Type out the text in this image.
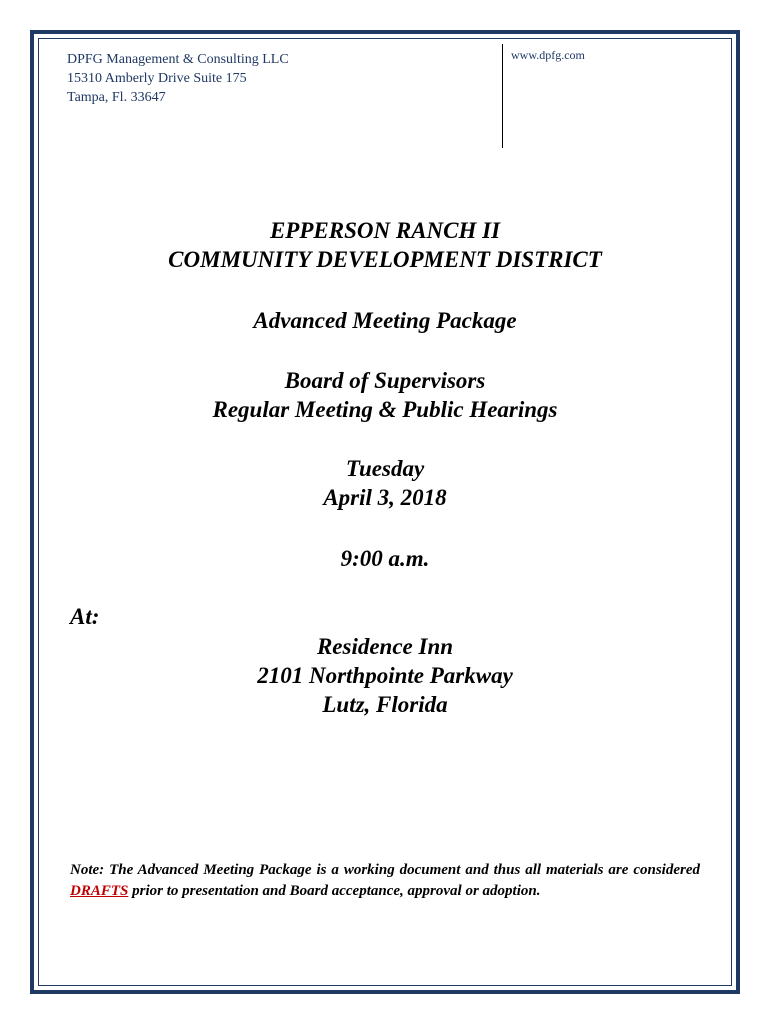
DPFG Management & Consulting LLC
15310 Amberly Drive Suite 175
Tampa, Fl. 33647
www.dpfg.com
EPPERSON RANCH II
COMMUNITY DEVELOPMENT DISTRICT
Advanced Meeting Package
Board of Supervisors
Regular Meeting & Public Hearings
Tuesday
April 3, 2018
9:00 a.m.
At:
Residence Inn
2101 Northpointe Parkway
Lutz, Florida
Note: The Advanced Meeting Package is a working document and thus all materials are considered DRAFTS prior to presentation and Board acceptance, approval or adoption.
